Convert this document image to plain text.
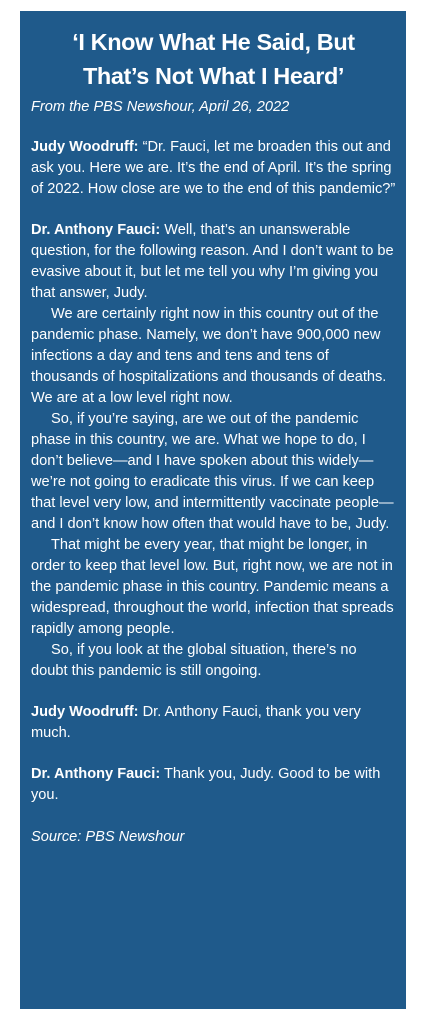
‘I Know What He Said, But
That’s Not What I Heard’

From the PBS Newshour, April 26, 2022

Judy Woodruff: “Dr. Fauci, let me broaden this out and ask you. Here we are. It’s the end of April. It’s the spring of 2022. How close are we to the end of this pandemic?”

Dr. Anthony Fauci: Well, that’s an unanswerable question, for the following reason. And I don’t want to be evasive about it, but let me tell you why I’m giving you that answer, Judy.

We are certainly right now in this country out of the pandemic phase. Namely, we don’t have 900,000 new infections a day and tens and tens and tens of thousands of hospitalizations and thousands of deaths. We are at a low level right now.

So, if you’re saying, are we out of the pandemic phase in this country, we are. What we hope to do, I don’t believe—and I have spoken about this widely—we’re not going to eradicate this virus. If we can keep that level very low, and intermittently vaccinate people—and I don’t know how often that would have to be, Judy.

That might be every year, that might be longer, in order to keep that level low. But, right now, we are not in the pandemic phase in this country. Pandemic means a widespread, throughout the world, infection that spreads rapidly among people.

So, if you look at the global situation, there’s no doubt this pandemic is still ongoing.

Judy Woodruff: Dr. Anthony Fauci, thank you very much.

Dr. Anthony Fauci: Thank you, Judy. Good to be with you.

Source: PBS Newshour
